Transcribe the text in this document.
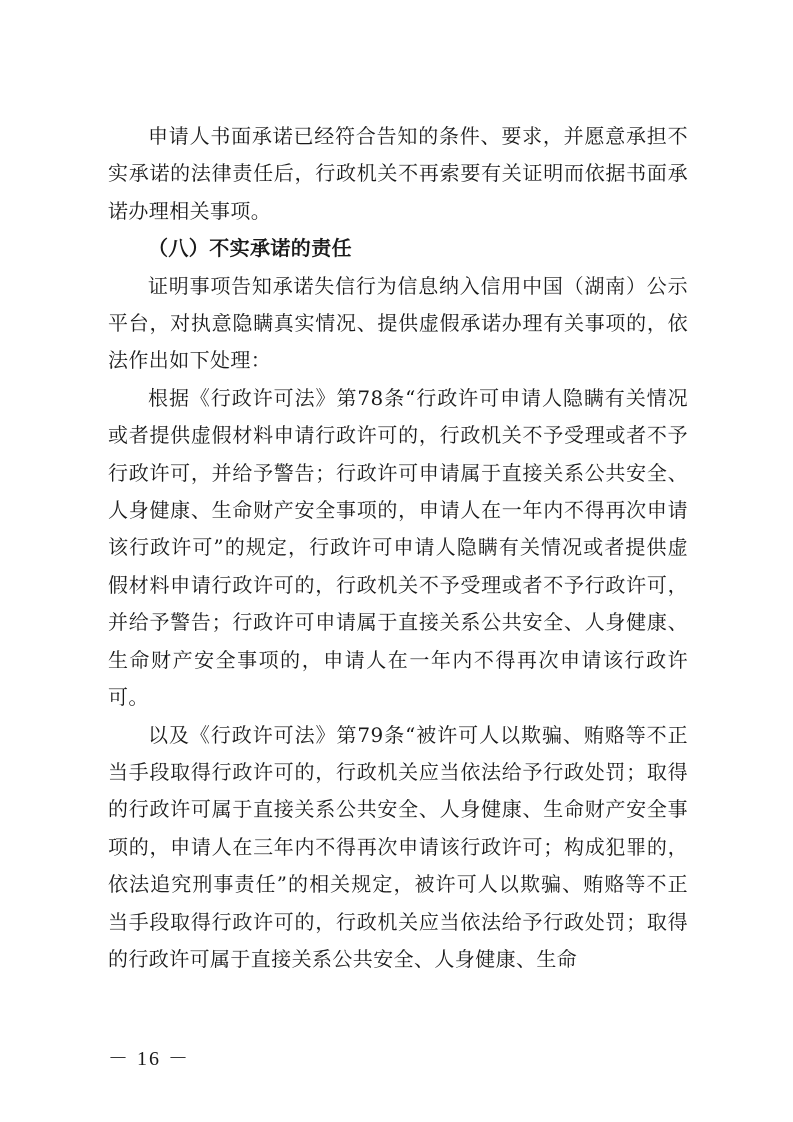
申请人书面承诺已经符合告知的条件、要求，并愿意承担不实承诺的法律责任后，行政机关不再索要有关证明而依据书面承诺办理相关事项。

（八）不实承诺的责任

证明事项告知承诺失信行为信息纳入信用中国（湖南）公示平台，对执意隐瞒真实情况、提供虚假承诺办理有关事项的，依法作出如下处理：

根据《行政许可法》第78条“行政许可申请人隐瞒有关情况或者提供虚假材料申请行政许可的，行政机关不予受理或者不予行政许可，并给予警告；行政许可申请属于直接关系公共安全、人身健康、生命财产安全事项的，申请人在一年内不得再次申请该行政许可”的规定，行政许可申请人隐瞒有关情况或者提供虚假材料申请行政许可的，行政机关不予受理或者不予行政许可，并给予警告；行政许可申请属于直接关系公共安全、人身健康、生命财产安全事项的，申请人在一年内不得再次申请该行政许可。

以及《行政许可法》第79条“被许可人以欺骗、贿赂等不正当手段取得行政许可的，行政机关应当依法给予行政处罚；取得的行政许可属于直接关系公共安全、人身健康、生命财产安全事项的，申请人在三年内不得再次申请该行政许可；构成犯罪的，依法追究刑事责任”的相关规定，被许可人以欺骗、贿赂等不正当手段取得行政许可的，行政机关应当依法给予行政处罚；取得的行政许可属于直接关系公共安全、人身健康、生命

－ 16 －
